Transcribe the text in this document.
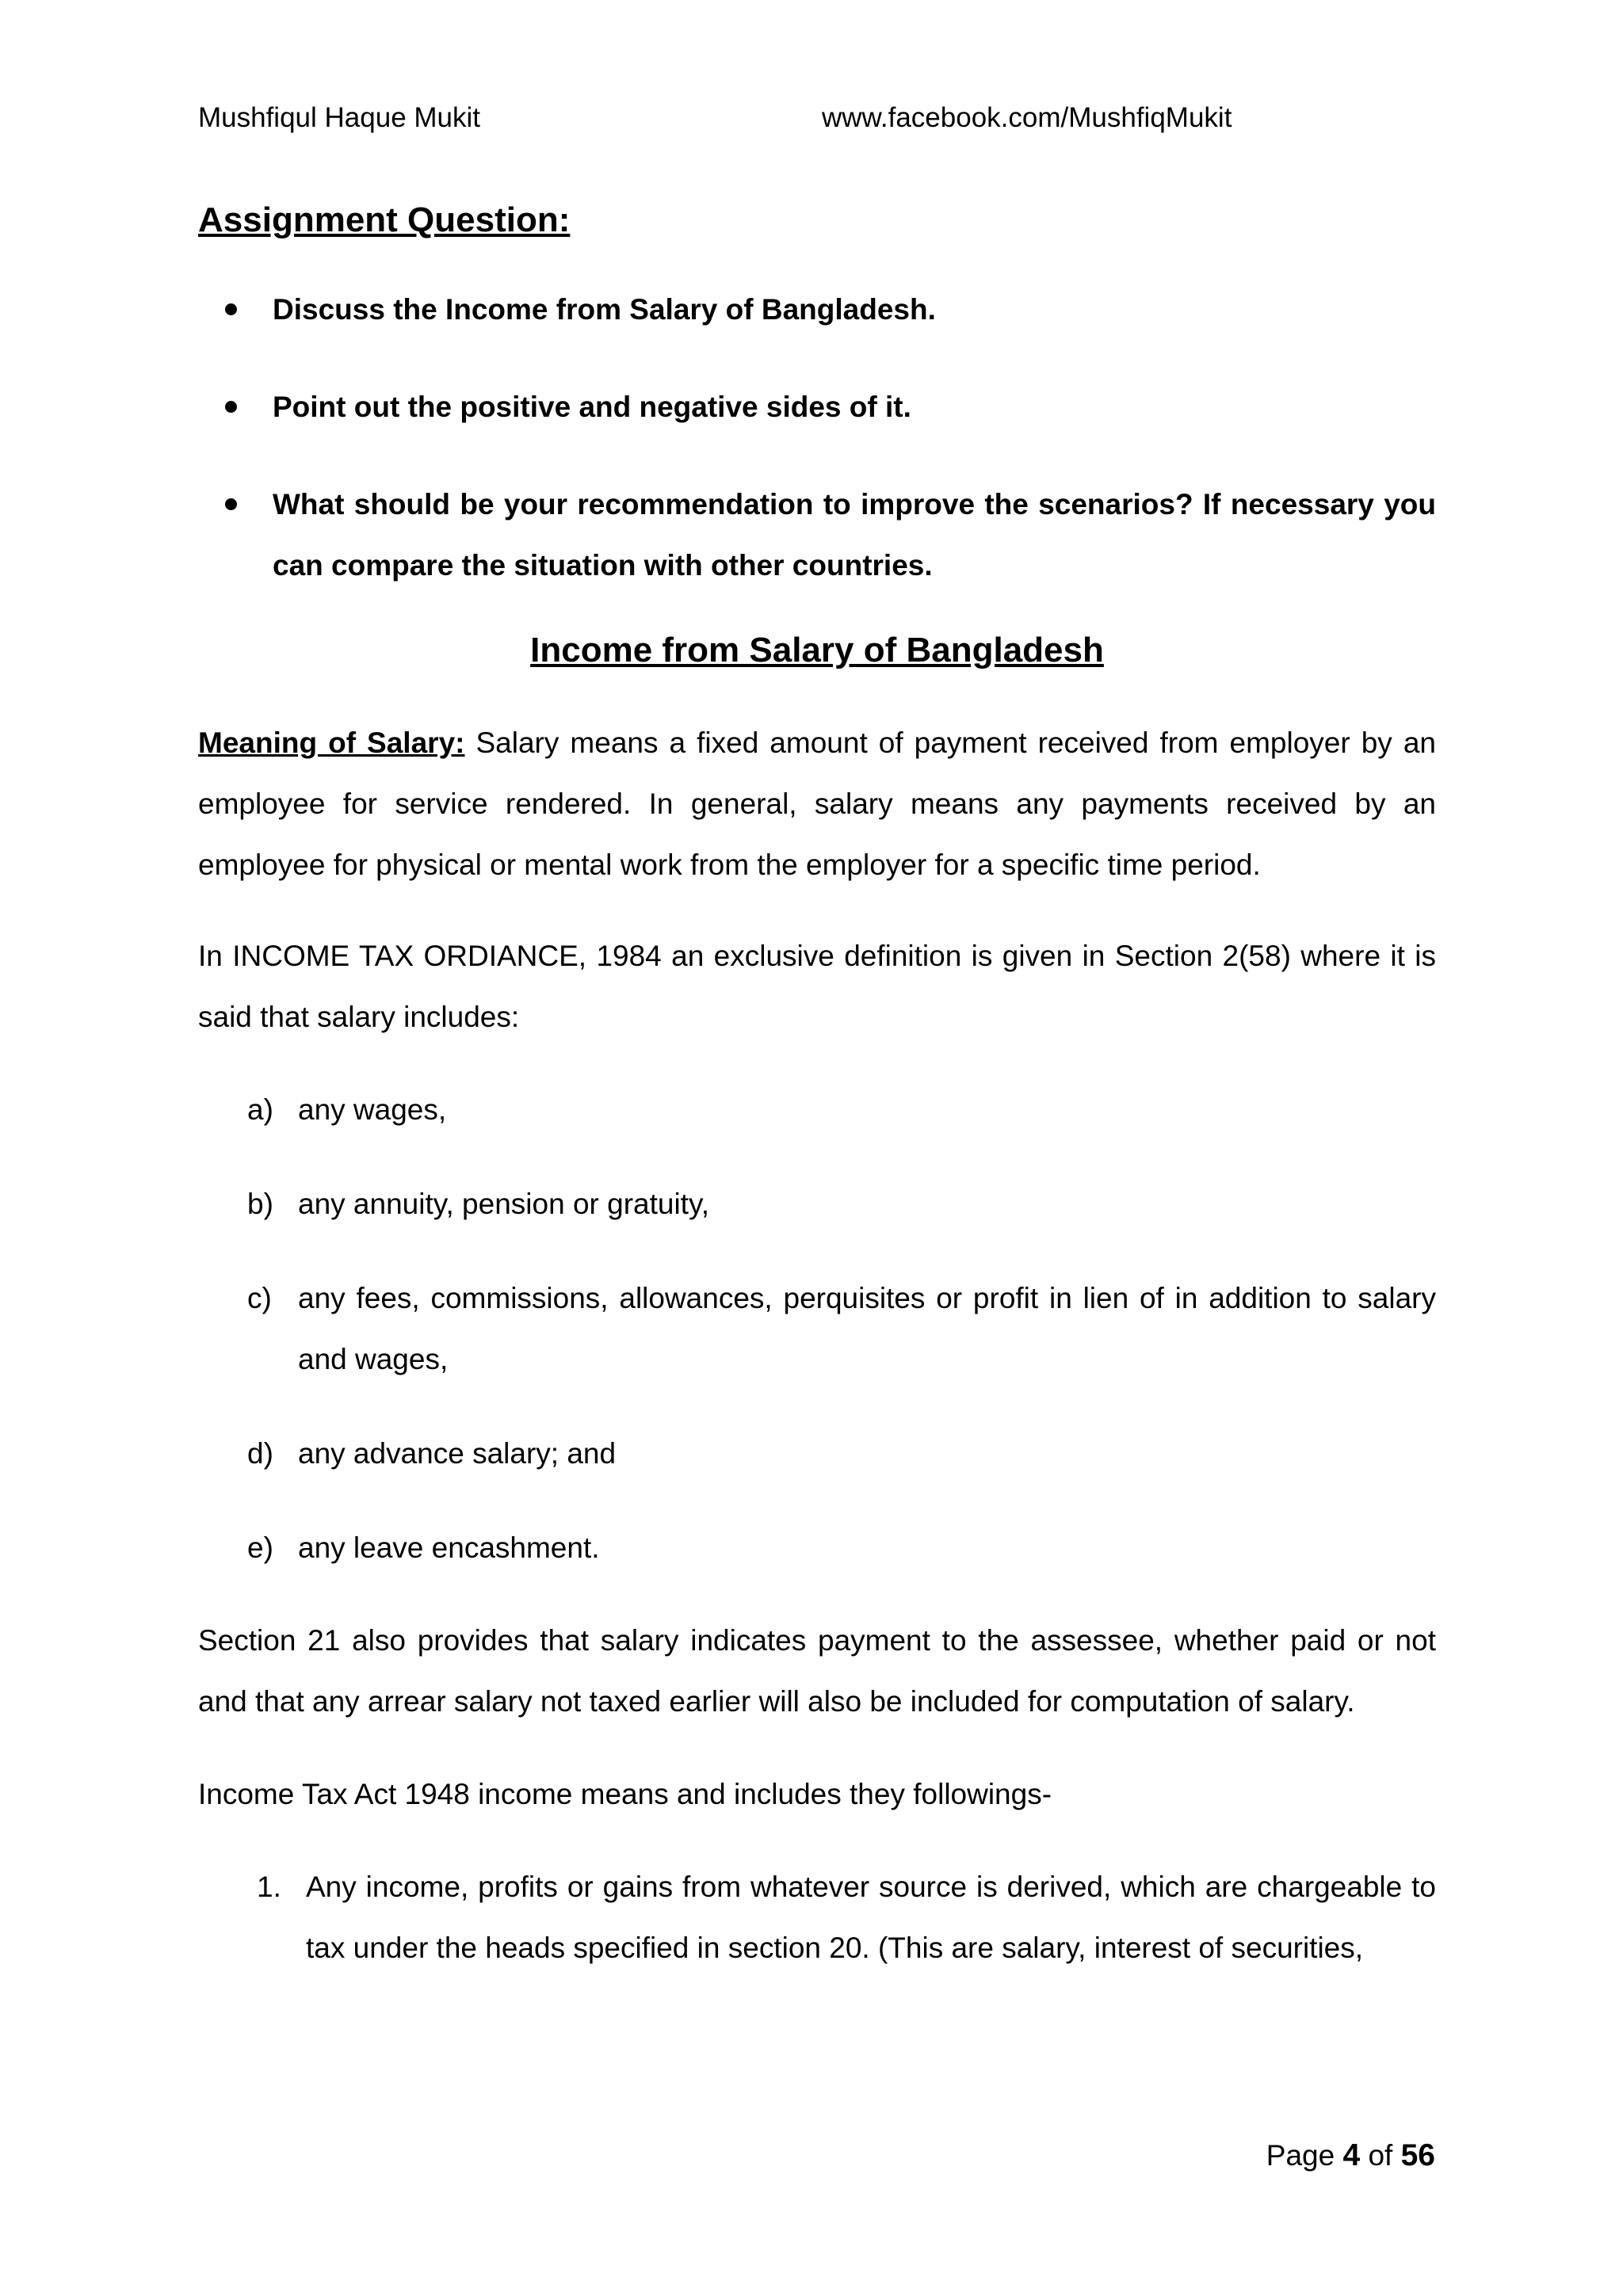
Mushfiqul Haque Mukit	www.facebook.com/MushfiqMukit
Assignment Question:
Discuss the Income from Salary of Bangladesh.
Point out the positive and negative sides of it.
What should be your recommendation to improve the scenarios? If necessary you can compare the situation with other countries.
Income from Salary of Bangladesh

Meaning of Salary: Salary means a fixed amount of payment received from employer by an employee for service rendered. In general, salary means any payments received by an employee for physical or mental work from the employer for a specific time period.

In INCOME TAX ORDIANCE, 1984 an exclusive definition is given in Section 2(58) where it is said that salary includes:

a) any wages,
b) any annuity, pension or gratuity,
c) any fees, commissions, allowances, perquisites or profit in lien of in addition to salary and wages,
d) any advance salary; and
e) any leave encashment.

Section 21 also provides that salary indicates payment to the assessee, whether paid or not and that any arrear salary not taxed earlier will also be included for computation of salary.

Income Tax Act 1948 income means and includes they followings-

1. Any income, profits or gains from whatever source is derived, which are chargeable to tax under the heads specified in section 20. (This are salary, interest of securities,
Page 4 of 56
